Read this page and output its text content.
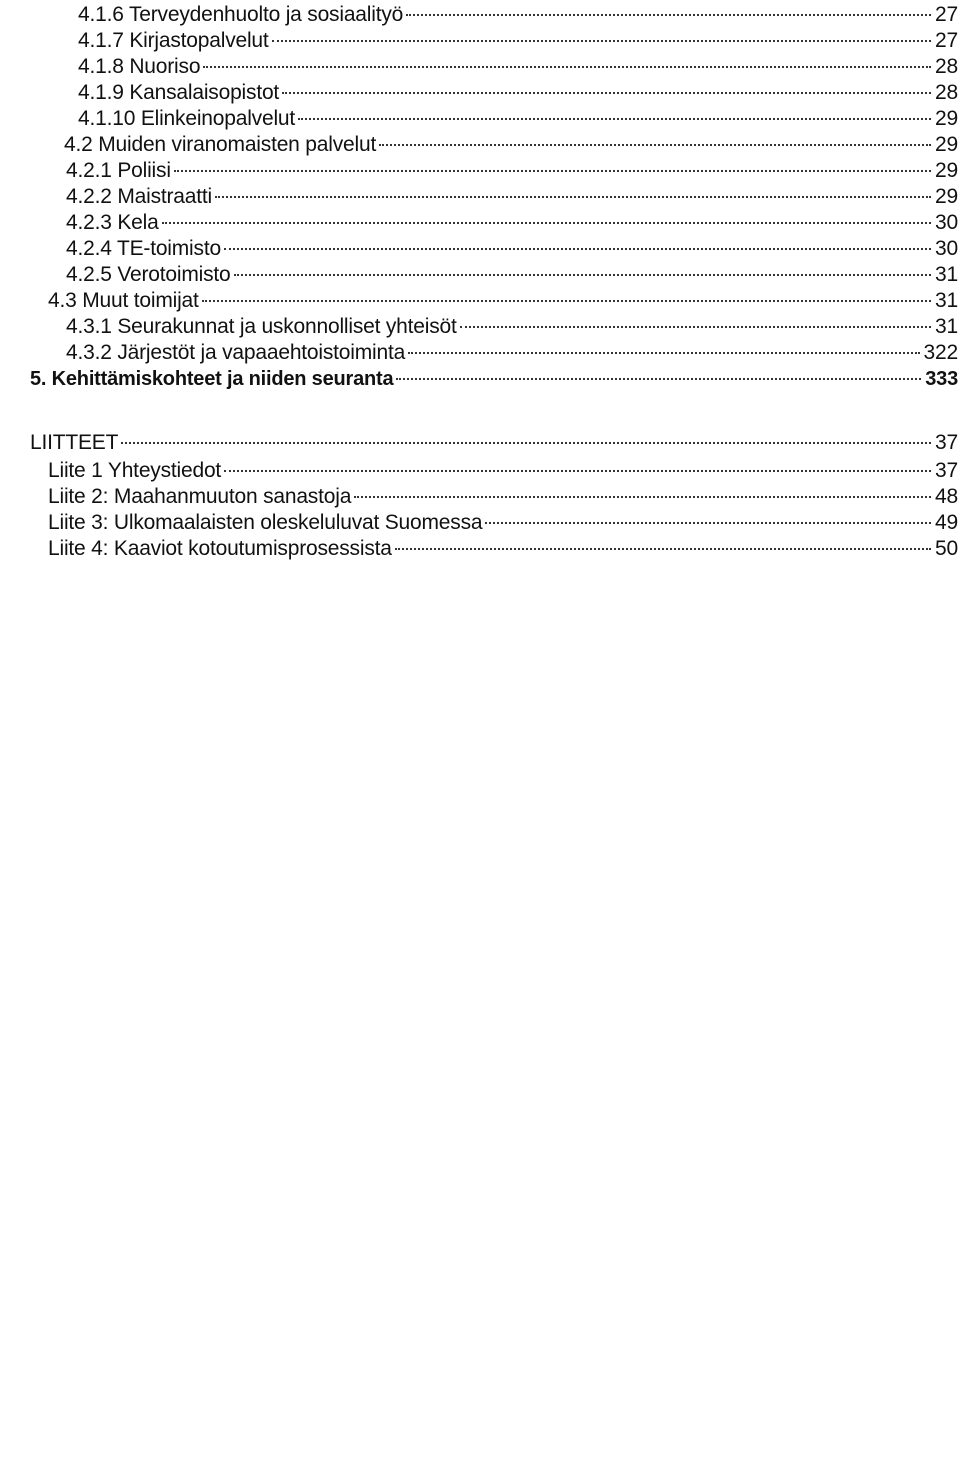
4.1.6 Terveydenhuolto ja sosiaalityö	27
4.1.7 Kirjastopalvelut	27
4.1.8 Nuoriso	28
4.1.9 Kansalaisopistot	28
4.1.10 Elinkeinopalvelut	29
4.2 Muiden viranomaisten palvelut	29
4.2.1 Poliisi	29
4.2.2 Maistraatti	29
4.2.3 Kela	30
4.2.4 TE-toimisto	30
4.2.5 Verotoimisto	31
4.3 Muut toimijat	31
4.3.1 Seurakunnat ja uskonnolliset yhteisöt	31
4.3.2 Järjestöt ja vapaaehtoistoiminta	322
5. Kehittämiskohteet ja niiden seuranta	333
LIITTEET	37
Liite 1 Yhteystiedot	37
Liite 2: Maahanmuuton sanastoja	48
Liite 3: Ulkomaalaisten oleskeluluvat Suomessa	49
Liite 4: Kaaviot kotoutumisprosessista	50
